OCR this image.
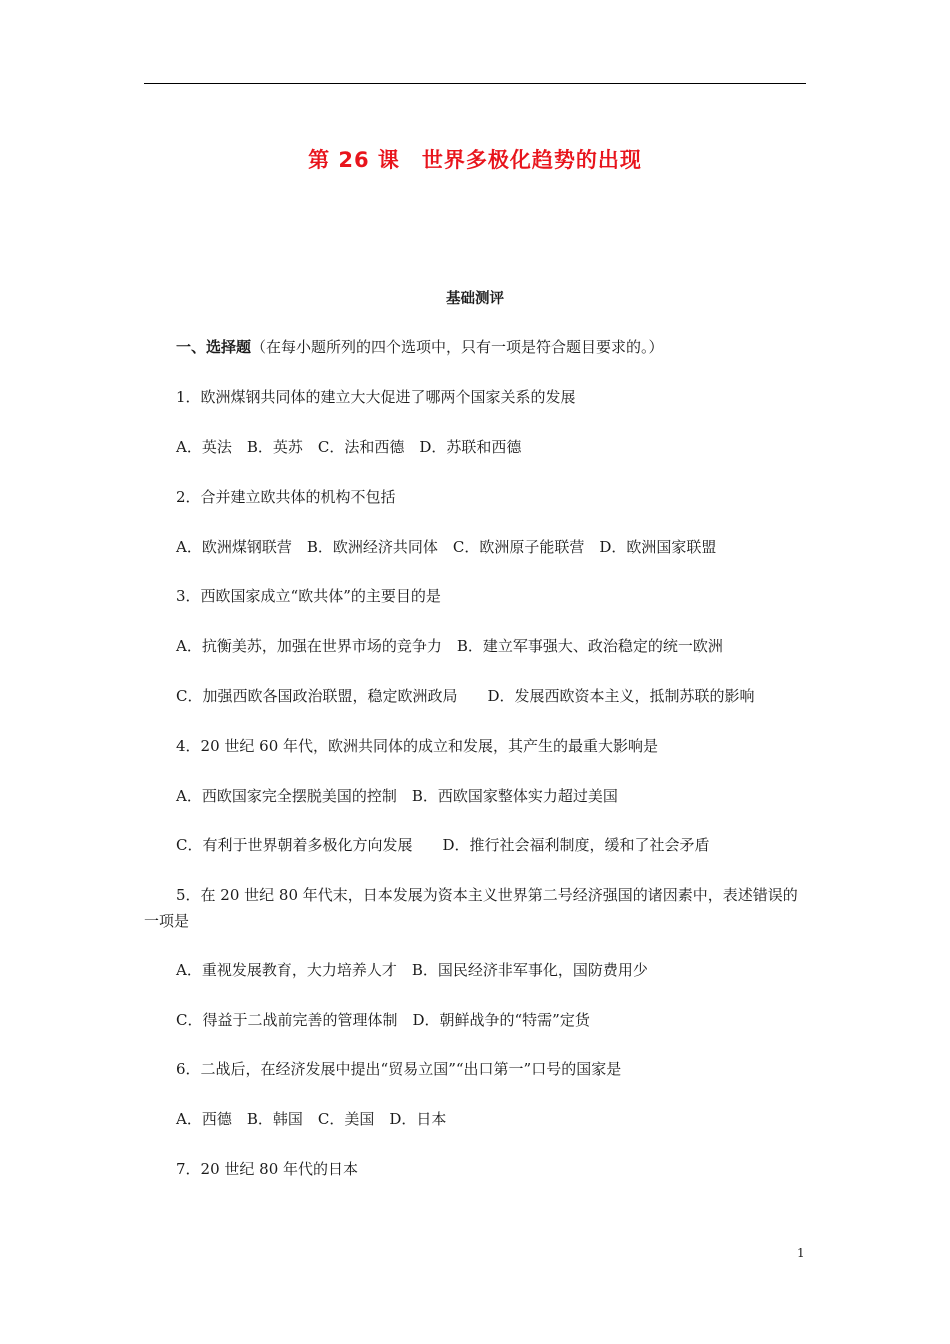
第 26 课　世界多极化趋势的出现
基础测评
一、选择题（在每小题所列的四个选项中，只有一项是符合题目要求的。）
1．欧洲煤钢共同体的建立大大促进了哪两个国家关系的发展
A．英法　B．英苏　C．法和西德　D．苏联和西德
2．合并建立欧共体的机构不包括
A．欧洲煤钢联营　B．欧洲经济共同体　C．欧洲原子能联营　D．欧洲国家联盟
3．西欧国家成立“欧共体”的主要目的是
A．抗衡美苏，加强在世界市场的竞争力　B．建立军事强大、政治稳定的统一欧洲
C．加强西欧各国政治联盟，稳定欧洲政局　　D．发展西欧资本主义，抵制苏联的影响
4．20 世纪 60 年代，欧洲共同体的成立和发展，其产生的最重大影响是
A．西欧国家完全摆脱美国的控制　B．西欧国家整体实力超过美国
C．有利于世界朝着多极化方向发展　　D．推行社会福利制度，缓和了社会矛盾
5．在 20 世纪 80 年代末，日本发展为资本主义世界第二号经济强国的诸因素中，表述错误的一项是
A．重视发展教育，大力培养人才　B．国民经济非军事化，国防费用少
C．得益于二战前完善的管理体制　D．朝鲜战争的“特需”定货
6．二战后，在经济发展中提出“贸易立国”“出口第一”口号的国家是
A．西德　B．韩国　C．美国　D．日本
7．20 世纪 80 年代的日本
1
